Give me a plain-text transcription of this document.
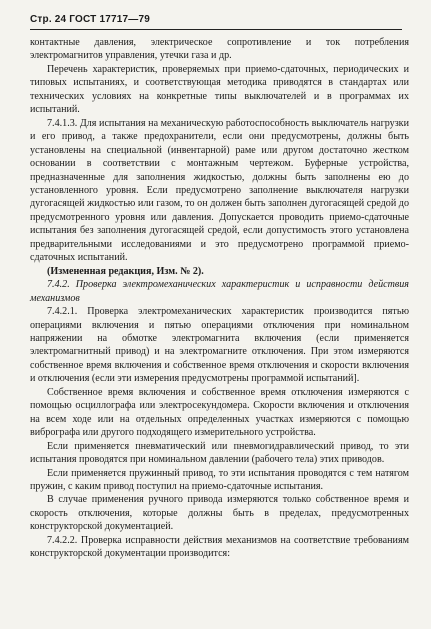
Стр. 24 ГОСТ 17717—79

контактные давления, электрическое сопротивление и ток потребления электромагнитов управления, утечки газа и др.

Перечень характеристик, проверяемых при приемо-сдаточных, периодических и типовых испытаниях, и соответствующая методика приводятся в стандартах или технических условиях на конкретные типы выключателей и в программах их испытаний.

7.4.1.3. Для испытания на механическую работоспособность выключатель нагрузки и его привод, а также предохранители, если они предусмотрены, должны быть установлены на специальной (инвентарной) раме или другом достаточно жестком основании в соответствии с монтажным чертежом. Буферные устройства, предназначенные для заполнения жидкостью, должны быть заполнены ею до установленного уровня. Если предусмотрено заполнение выключателя нагрузки дугогасящей жидкостью или газом, то он должен быть заполнен дугогасящей средой до предусмотренного уровня или давления. Допускается проводить приемо-сдаточные испытания без заполнения дугогасящей средой, если допустимость этого установлена предварительными исследованиями и это предусмотрено программой приемо-сдаточных испытаний.

(Измененная редакция, Изм. № 2).

7.4.2. Проверка электромеханических характеристик и исправности действия механизмов

7.4.2.1. Проверка электромеханических характеристик производится пятью операциями включения и пятью операциями отключения при номинальном напряжении на обмотке электромагнита включения (если применяется электромагнитный привод) и на электромагните отключения. При этом измеряются собственное время включения и собственное время отключения и скорости включения и отключения (если эти измерения предусмотрены программой испытаний].

Собственное время включения и собственное время отключения измеряются с помощью осциллографа или электросекундомера. Скорости включения и отключения на всем ходе или на отдельных определенных участках измеряются с помощью вибрографа или другого подходящего измерительного устройства.

Если применяется пневматический или пневмогидравлический привод, то эти испытания проводятся при номинальном давлении (рабочего тела) этих приводов.

Если применяется пружинный привод, то эти испытания проводятся с тем натягом пружин, с каким привод поступил на приемо-сдаточные испытания.

В случае применения ручного привода измеряются только собственное время и скорость отключения, которые должны быть в пределах, предусмотренных конструкторской документацией.

7.4.2.2. Проверка исправности действия механизмов на соответствие требованиям конструкторской документации производится:
